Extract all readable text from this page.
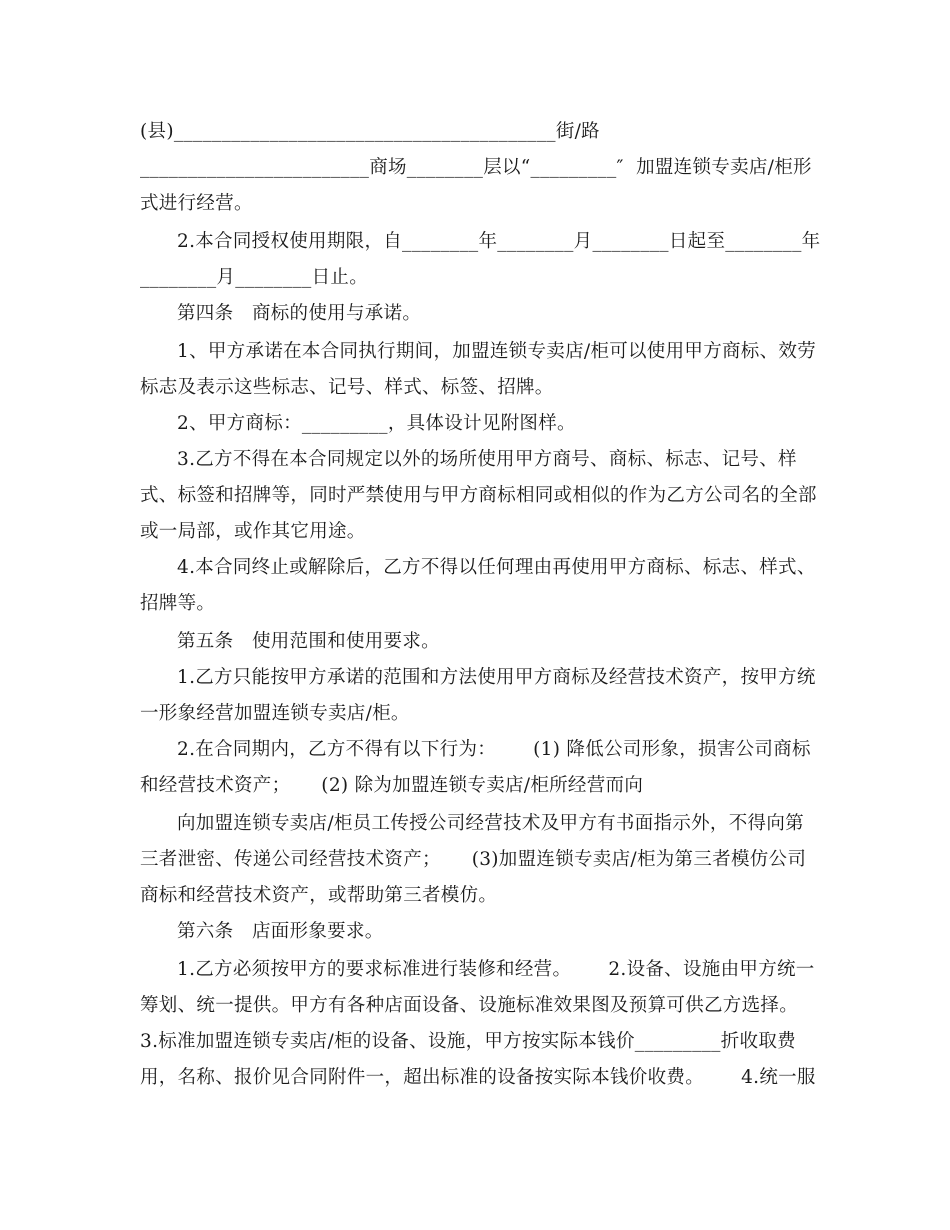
(县)________________________________________街/路
________________________商场________层以“_________″  加盟连锁专卖店/柜形
式进行经营。
2.本合同授权使用期限，自________年________月________日起至________年
________月________日止。
第四条   商标的使用与承诺。
1、甲方承诺在本合同执行期间，加盟连锁专卖店/柜可以使用甲方商标、效劳
标志及表示这些标志、记号、样式、标签、招牌。
2、甲方商标：_________，具体设计见附图样。
3.乙方不得在本合同规定以外的场所使用甲方商号、商标、标志、记号、样
式、标签和招牌等，同时严禁使用与甲方商标相同或相似的作为乙方公司名的全部
或一局部，或作其它用途。
4.本合同终止或解除后，乙方不得以任何理由再使用甲方商标、标志、样式、
招牌等。
第五条   使用范围和使用要求。
1.乙方只能按甲方承诺的范围和方法使用甲方商标及经营技术资产，按甲方统
一形象经营加盟连锁专卖店/柜。
2.在合同期内，乙方不得有以下行为：      (1) 降低公司形象，损害公司商标
和经营技术资产；     (2) 除为加盟连锁专卖店/柜所经营而向
向加盟连锁专卖店/柜员工传授公司经营技术及甲方有书面指示外，不得向第
三者泄密、传递公司经营技术资产；     (3)加盟连锁专卖店/柜为第三者模仿公司
商标和经营技术资产，或帮助第三者模仿。
第六条   店面形象要求。
1.乙方必须按甲方的要求标准进行装修和经营。      2.设备、设施由甲方统一
筹划、统一提供。甲方有各种店面设备、设施标准效果图及预算可供乙方选择。
3.标准加盟连锁专卖店/柜的设备、设施，甲方按实际本钱价_________折收取费
用，名称、报价见合同附件一，超出标准的设备按实际本钱价收费。      4.统一服
